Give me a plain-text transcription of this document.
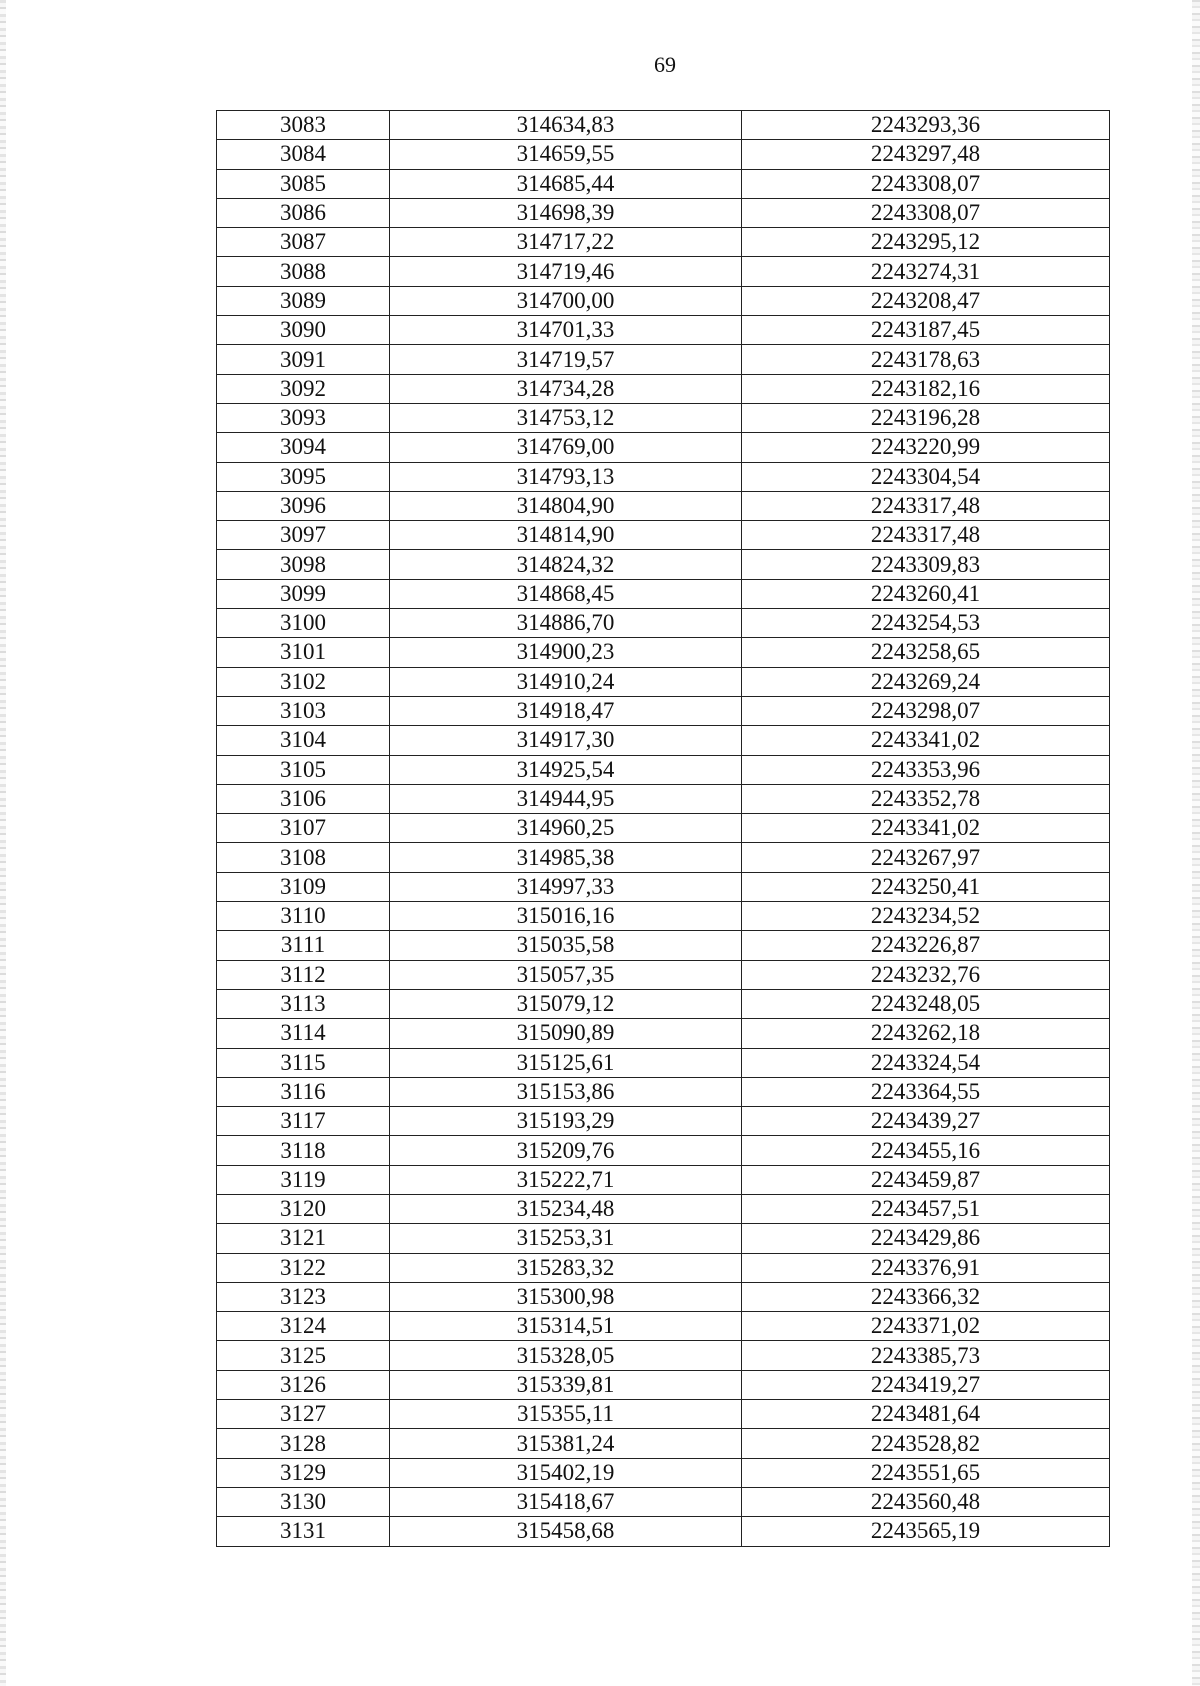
69
3083	314634,83	2243293,36
3084	314659,55	2243297,48
3085	314685,44	2243308,07
3086	314698,39	2243308,07
3087	314717,22	2243295,12
3088	314719,46	2243274,31
3089	314700,00	2243208,47
3090	314701,33	2243187,45
3091	314719,57	2243178,63
3092	314734,28	2243182,16
3093	314753,12	2243196,28
3094	314769,00	2243220,99
3095	314793,13	2243304,54
3096	314804,90	2243317,48
3097	314814,90	2243317,48
3098	314824,32	2243309,83
3099	314868,45	2243260,41
3100	314886,70	2243254,53
3101	314900,23	2243258,65
3102	314910,24	2243269,24
3103	314918,47	2243298,07
3104	314917,30	2243341,02
3105	314925,54	2243353,96
3106	314944,95	2243352,78
3107	314960,25	2243341,02
3108	314985,38	2243267,97
3109	314997,33	2243250,41
3110	315016,16	2243234,52
3111	315035,58	2243226,87
3112	315057,35	2243232,76
3113	315079,12	2243248,05
3114	315090,89	2243262,18
3115	315125,61	2243324,54
3116	315153,86	2243364,55
3117	315193,29	2243439,27
3118	315209,76	2243455,16
3119	315222,71	2243459,87
3120	315234,48	2243457,51
3121	315253,31	2243429,86
3122	315283,32	2243376,91
3123	315300,98	2243366,32
3124	315314,51	2243371,02
3125	315328,05	2243385,73
3126	315339,81	2243419,27
3127	315355,11	2243481,64
3128	315381,24	2243528,82
3129	315402,19	2243551,65
3130	315418,67	2243560,48
3131	315458,68	2243565,19
